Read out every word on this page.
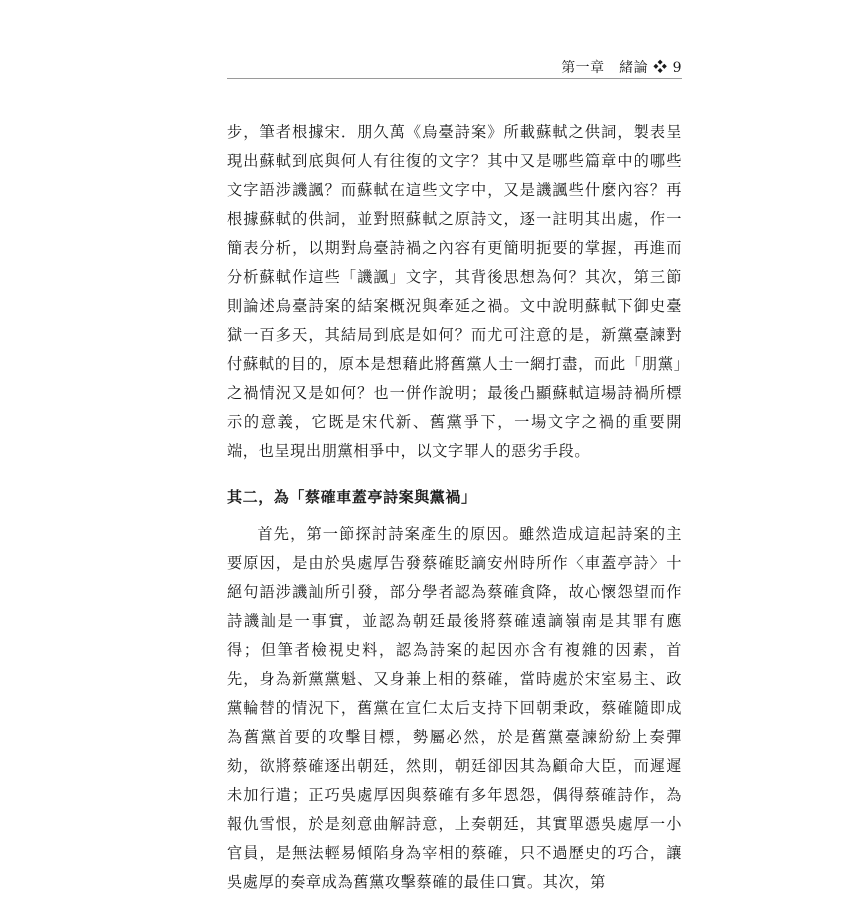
第一章　緒論 ❖ 9

步，筆者根據宋．朋久萬《烏臺詩案》所載蘇軾之供詞，製表呈現出蘇軾到底與何人有往復的文字？其中又是哪些篇章中的哪些文字語涉譏諷？而蘇軾在這些文字中，又是譏諷些什麼內容？再根據蘇軾的供詞，並對照蘇軾之原詩文，逐一註明其出處，作一簡表分析，以期對烏臺詩禍之內容有更簡明扼要的掌握，再進而分析蘇軾作這些「譏諷」文字，其背後思想為何？其次，第三節則論述烏臺詩案的結案概況與牽延之禍。文中說明蘇軾下御史臺獄一百多天，其結局到底是如何？而尤可注意的是，新黨臺諫對付蘇軾的目的，原本是想藉此將舊黨人士一網打盡，而此「朋黨」之禍情況又是如何？也一併作說明；最後凸顯蘇軾這場詩禍所標示的意義，它既是宋代新、舊黨爭下，一場文字之禍的重要開端，也呈現出朋黨相爭中，以文字罪人的惡劣手段。

其二，為「蔡確車蓋亭詩案與黨禍」

首先，第一節探討詩案產生的原因。雖然造成這起詩案的主要原因，是由於吳處厚告發蔡確貶謫安州時所作〈車蓋亭詩〉十絕句語涉譏訕所引發，部分學者認為蔡確貪降，故心懷怨望而作詩譏訕是一事實，並認為朝廷最後將蔡確遠謫嶺南是其罪有應得；但筆者檢視史料，認為詩案的起因亦含有複雜的因素，首先，身為新黨黨魁、又身兼上相的蔡確，當時處於宋室易主、政黨輪替的情況下，舊黨在宣仁太后支持下回朝秉政，蔡確隨即成為舊黨首要的攻擊目標，勢屬必然，於是舊黨臺諫紛紛上奏彈劾，欲將蔡確逐出朝廷，然則，朝廷卻因其為顧命大臣，而遲遲未加行遣；正巧吳處厚因與蔡確有多年恩怨，偶得蔡確詩作，為報仇雪恨，於是刻意曲解詩意，上奏朝廷，其實單憑吳處厚一小官員，是無法輕易傾陷身為宰相的蔡確，只不過歷史的巧合，讓吳處厚的奏章成為舊黨攻擊蔡確的最佳口實。其次，第
